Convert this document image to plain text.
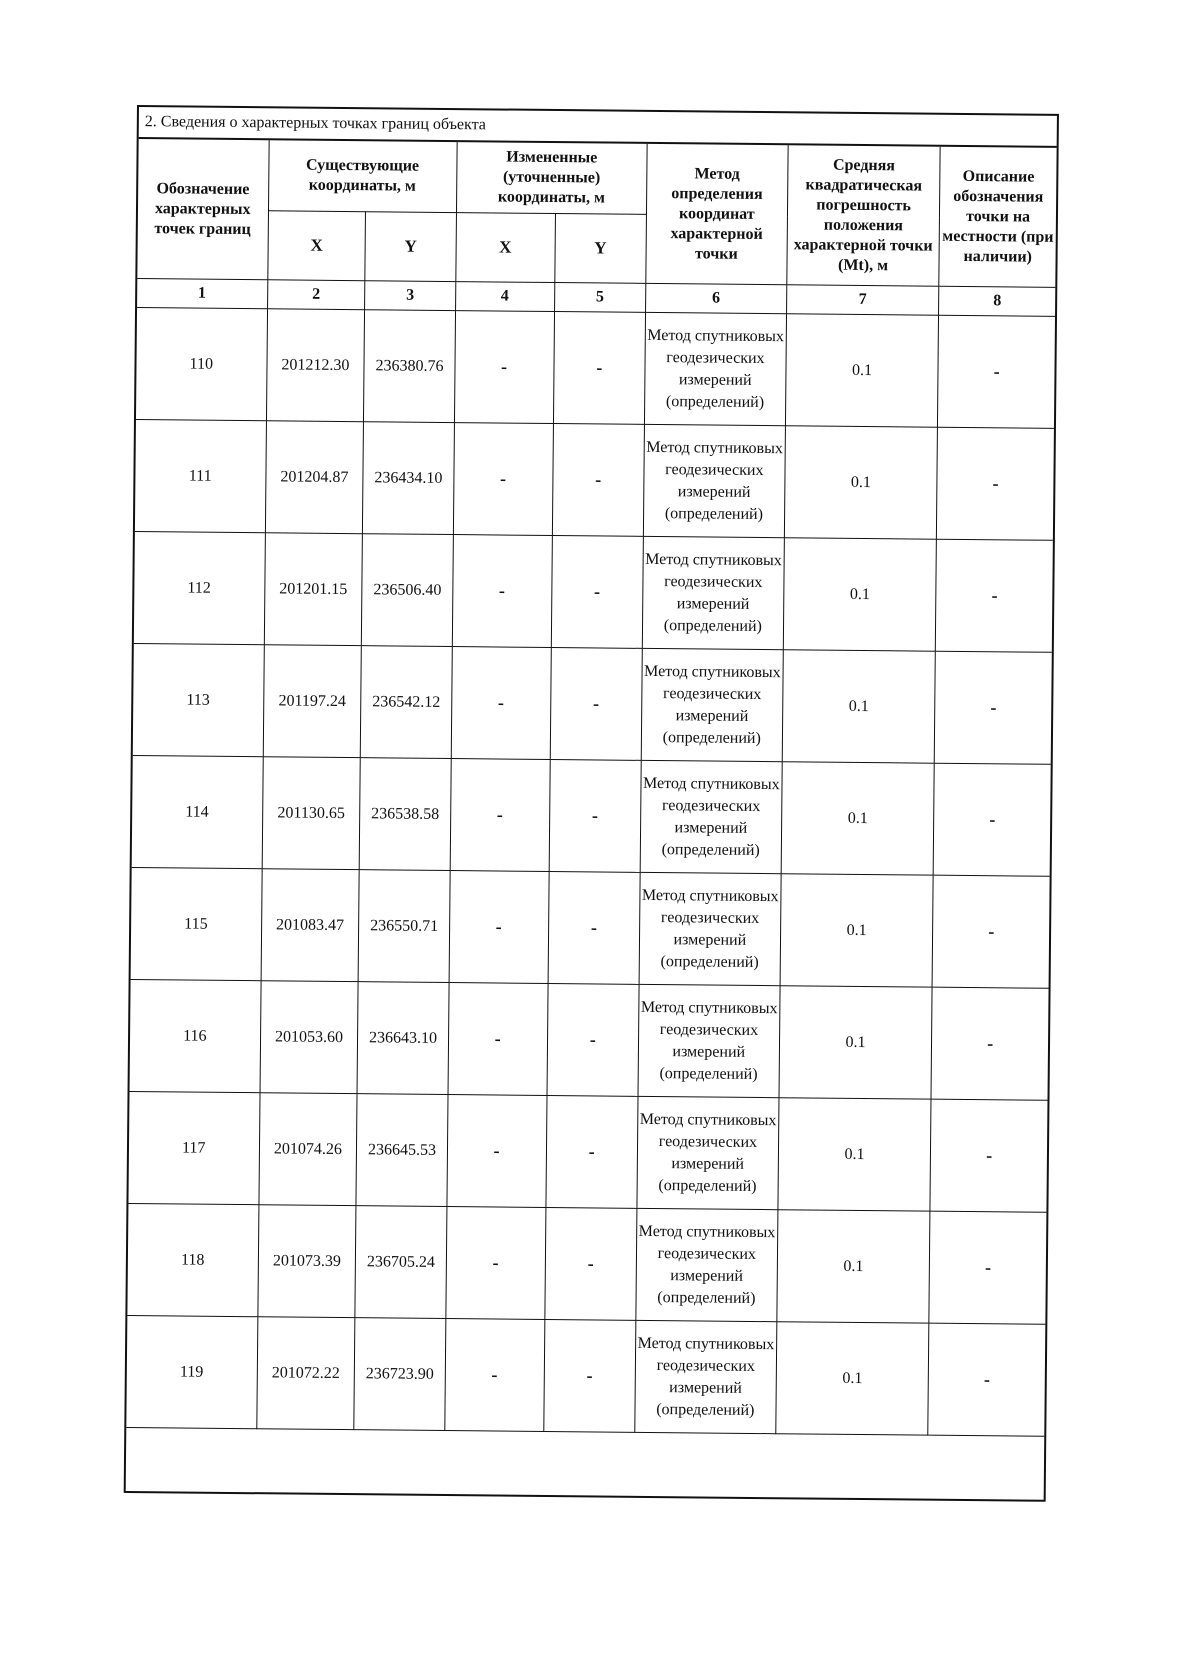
2. Сведения о характерных точках границ объекта
Обозначение характерных точек границ	Существующие координаты, м		Измененные (уточненные) координаты, м		Метод определения координат характерной точки	Средняя квадратическая погрешность положения характерной точки (Mt), м	Описание обозначения точки на местности (при наличии)
	X	Y	X	Y			
1	2	3	4	5	6	7	8
110	201212.30	236380.76	-	-	Метод спутниковых геодезических измерений (определений)	0.1	-
111	201204.87	236434.10	-	-	Метод спутниковых геодезических измерений (определений)	0.1	-
112	201201.15	236506.40	-	-	Метод спутниковых геодезических измерений (определений)	0.1	-
113	201197.24	236542.12	-	-	Метод спутниковых геодезических измерений (определений)	0.1	-
114	201130.65	236538.58	-	-	Метод спутниковых геодезических измерений (определений)	0.1	-
115	201083.47	236550.71	-	-	Метод спутниковых геодезических измерений (определений)	0.1	-
116	201053.60	236643.10	-	-	Метод спутниковых геодезических измерений (определений)	0.1	-
117	201074.26	236645.53	-	-	Метод спутниковых геодезических измерений (определений)	0.1	-
118	201073.39	236705.24	-	-	Метод спутниковых геодезических измерений (определений)	0.1	-
119	201072.22	236723.90	-	-	Метод спутниковых геодезических измерений (определений)	0.1	-
